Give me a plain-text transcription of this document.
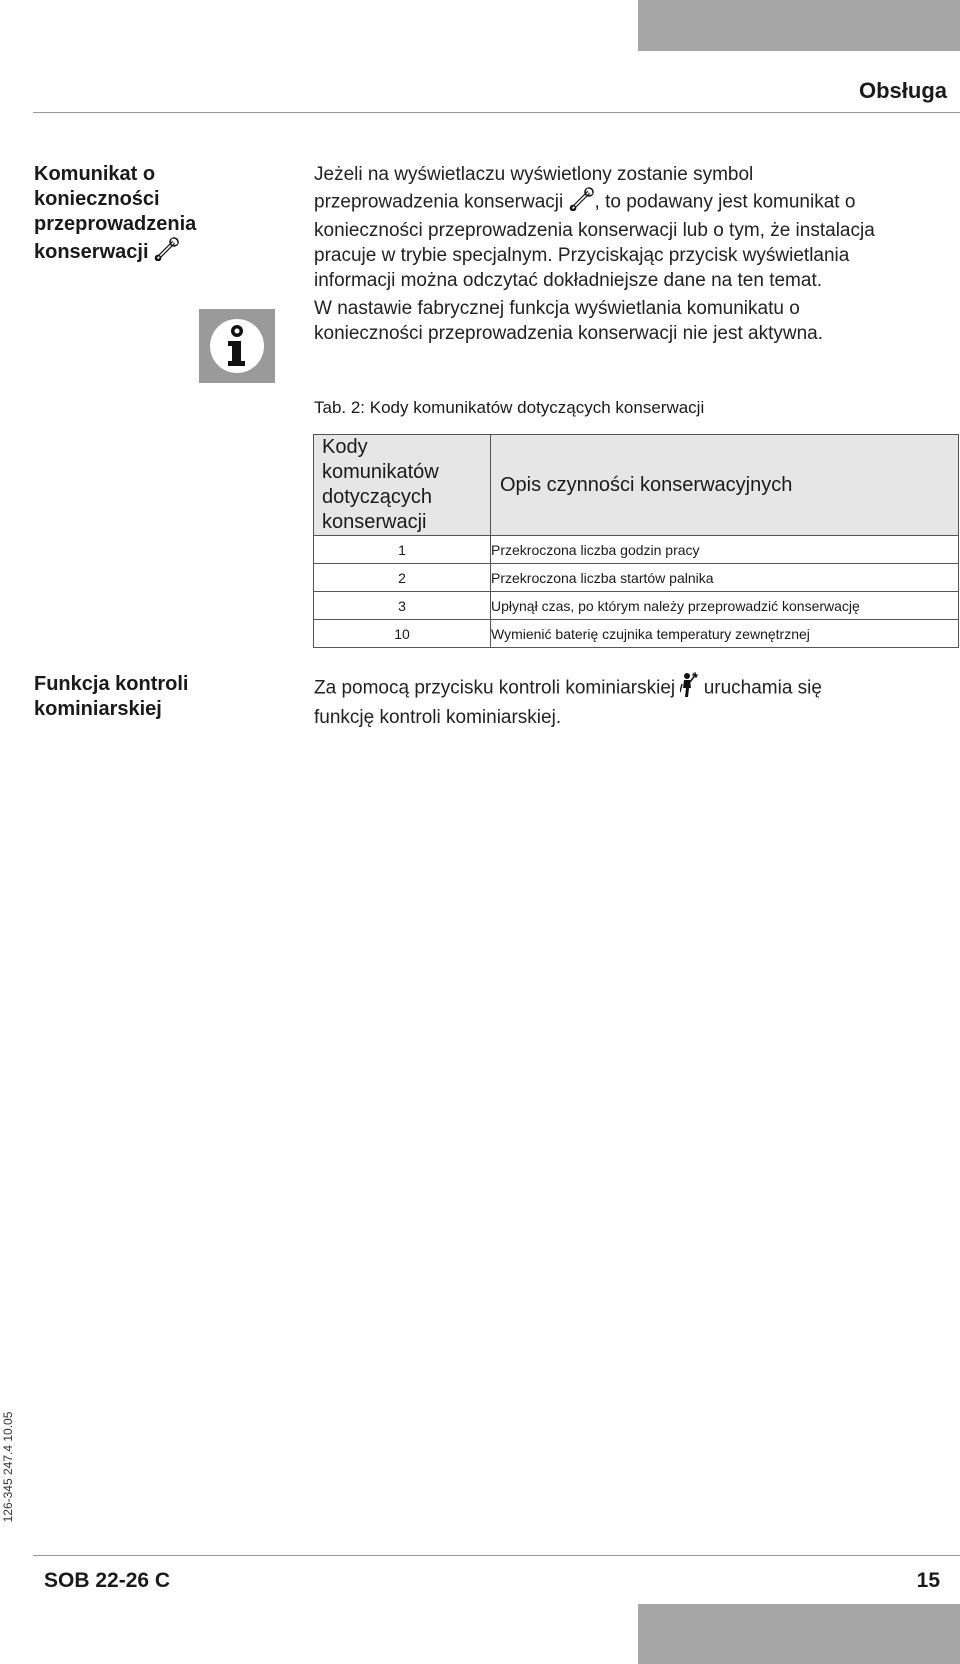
Obsługa
Komunikat o
konieczności
przeprowadzenia
konserwacji
Jeżeli na wyświetlaczu wyświetlony zostanie symbol
przeprowadzenia konserwacji , to podawany jest komunikat o
konieczności przeprowadzenia konserwacji lub o tym, że instalacja
pracuje w trybie specjalnym. Przyciskając przycisk wyświetlania
informacji można odczytać dokładniejsze dane na ten temat.
W nastawie fabrycznej funkcja wyświetlania komunikatu o
konieczności przeprowadzenia konserwacji nie jest aktywna.
Tab. 2: Kody komunikatów dotyczących konserwacji
Kody
komunikatów
dotyczących
konserwacji	Opis czynności konserwacyjnych
1	Przekroczona liczba godzin pracy
2	Przekroczona liczba startów palnika
3	Upłynął czas, po którym należy przeprowadzić konserwację
10	Wymienić baterię czujnika temperatury zewnętrznej
Funkcja kontroli
kominiarskiej
Za pomocą przycisku kontroli kominiarskiej uruchamia się
funkcję kontroli kominiarskiej.
126-345 247.4 10.05
SOB 22-26 C	15
